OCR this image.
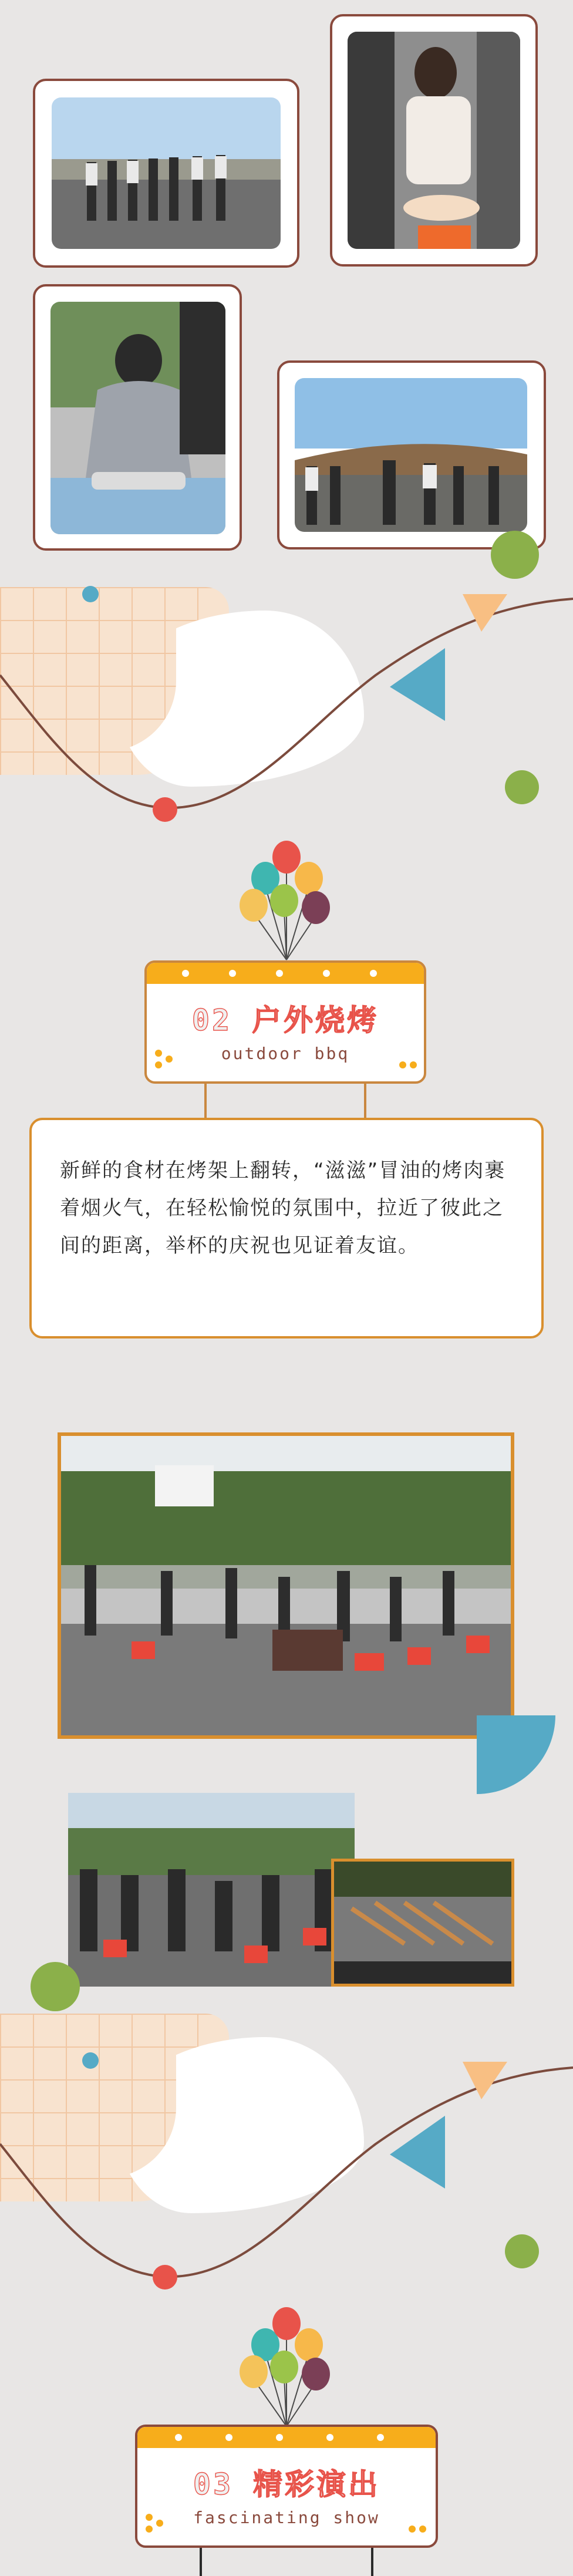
02 户外烧烤
outdoor bbq

新鲜的食材在烤架上翻转，“滋滋”冒油的烤肉裹着烟火气，在轻松愉悦的氛围中，拉近了彼此之间的距离，举杯的庆祝也见证着友谊。

03 精彩演出
fascinating show
